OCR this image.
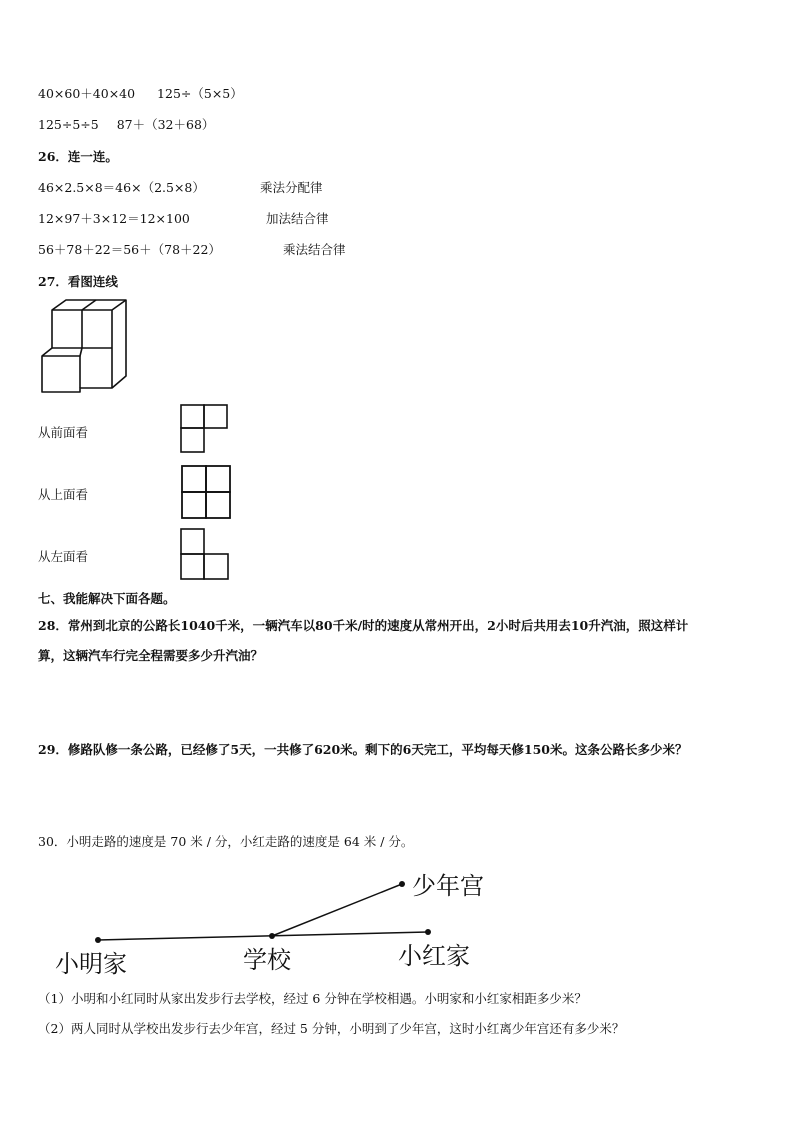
40×60＋40×40 125÷（5×5）
125÷5÷5 87＋（32＋68）
26．连一连。
46×2.5×8＝46×（2.5×8）	乘法分配律
12×97＋3×12＝12×100	加法结合律
56＋78＋22＝56＋（78＋22）	乘法结合律
27．看图连线
从前面看
从上面看
从左面看
七、我能解决下面各题。
28．常州到北京的公路长1040千米，一辆汽车以80千米/时的速度从常州开出，2小时后共用去10升汽油，照这样计
算，这辆汽车行完全程需要多少升汽油？
29．修路队修一条公路，已经修了5天，一共修了620米。剩下的6天完工，平均每天修150米。这条公路长多少米？
30．小明走路的速度是 70 米 / 分，小红走路的速度是 64 米 / 分。
小明家	学校	小红家
少年宫
（1）小明和小红同时从家出发步行去学校，经过 6 分钟在学校相遇。小明家和小红家相距多少米？
（2）两人同时从学校出发步行去少年宫，经过 5 分钟，小明到了少年宫，这时小红离少年宫还有多少米？
